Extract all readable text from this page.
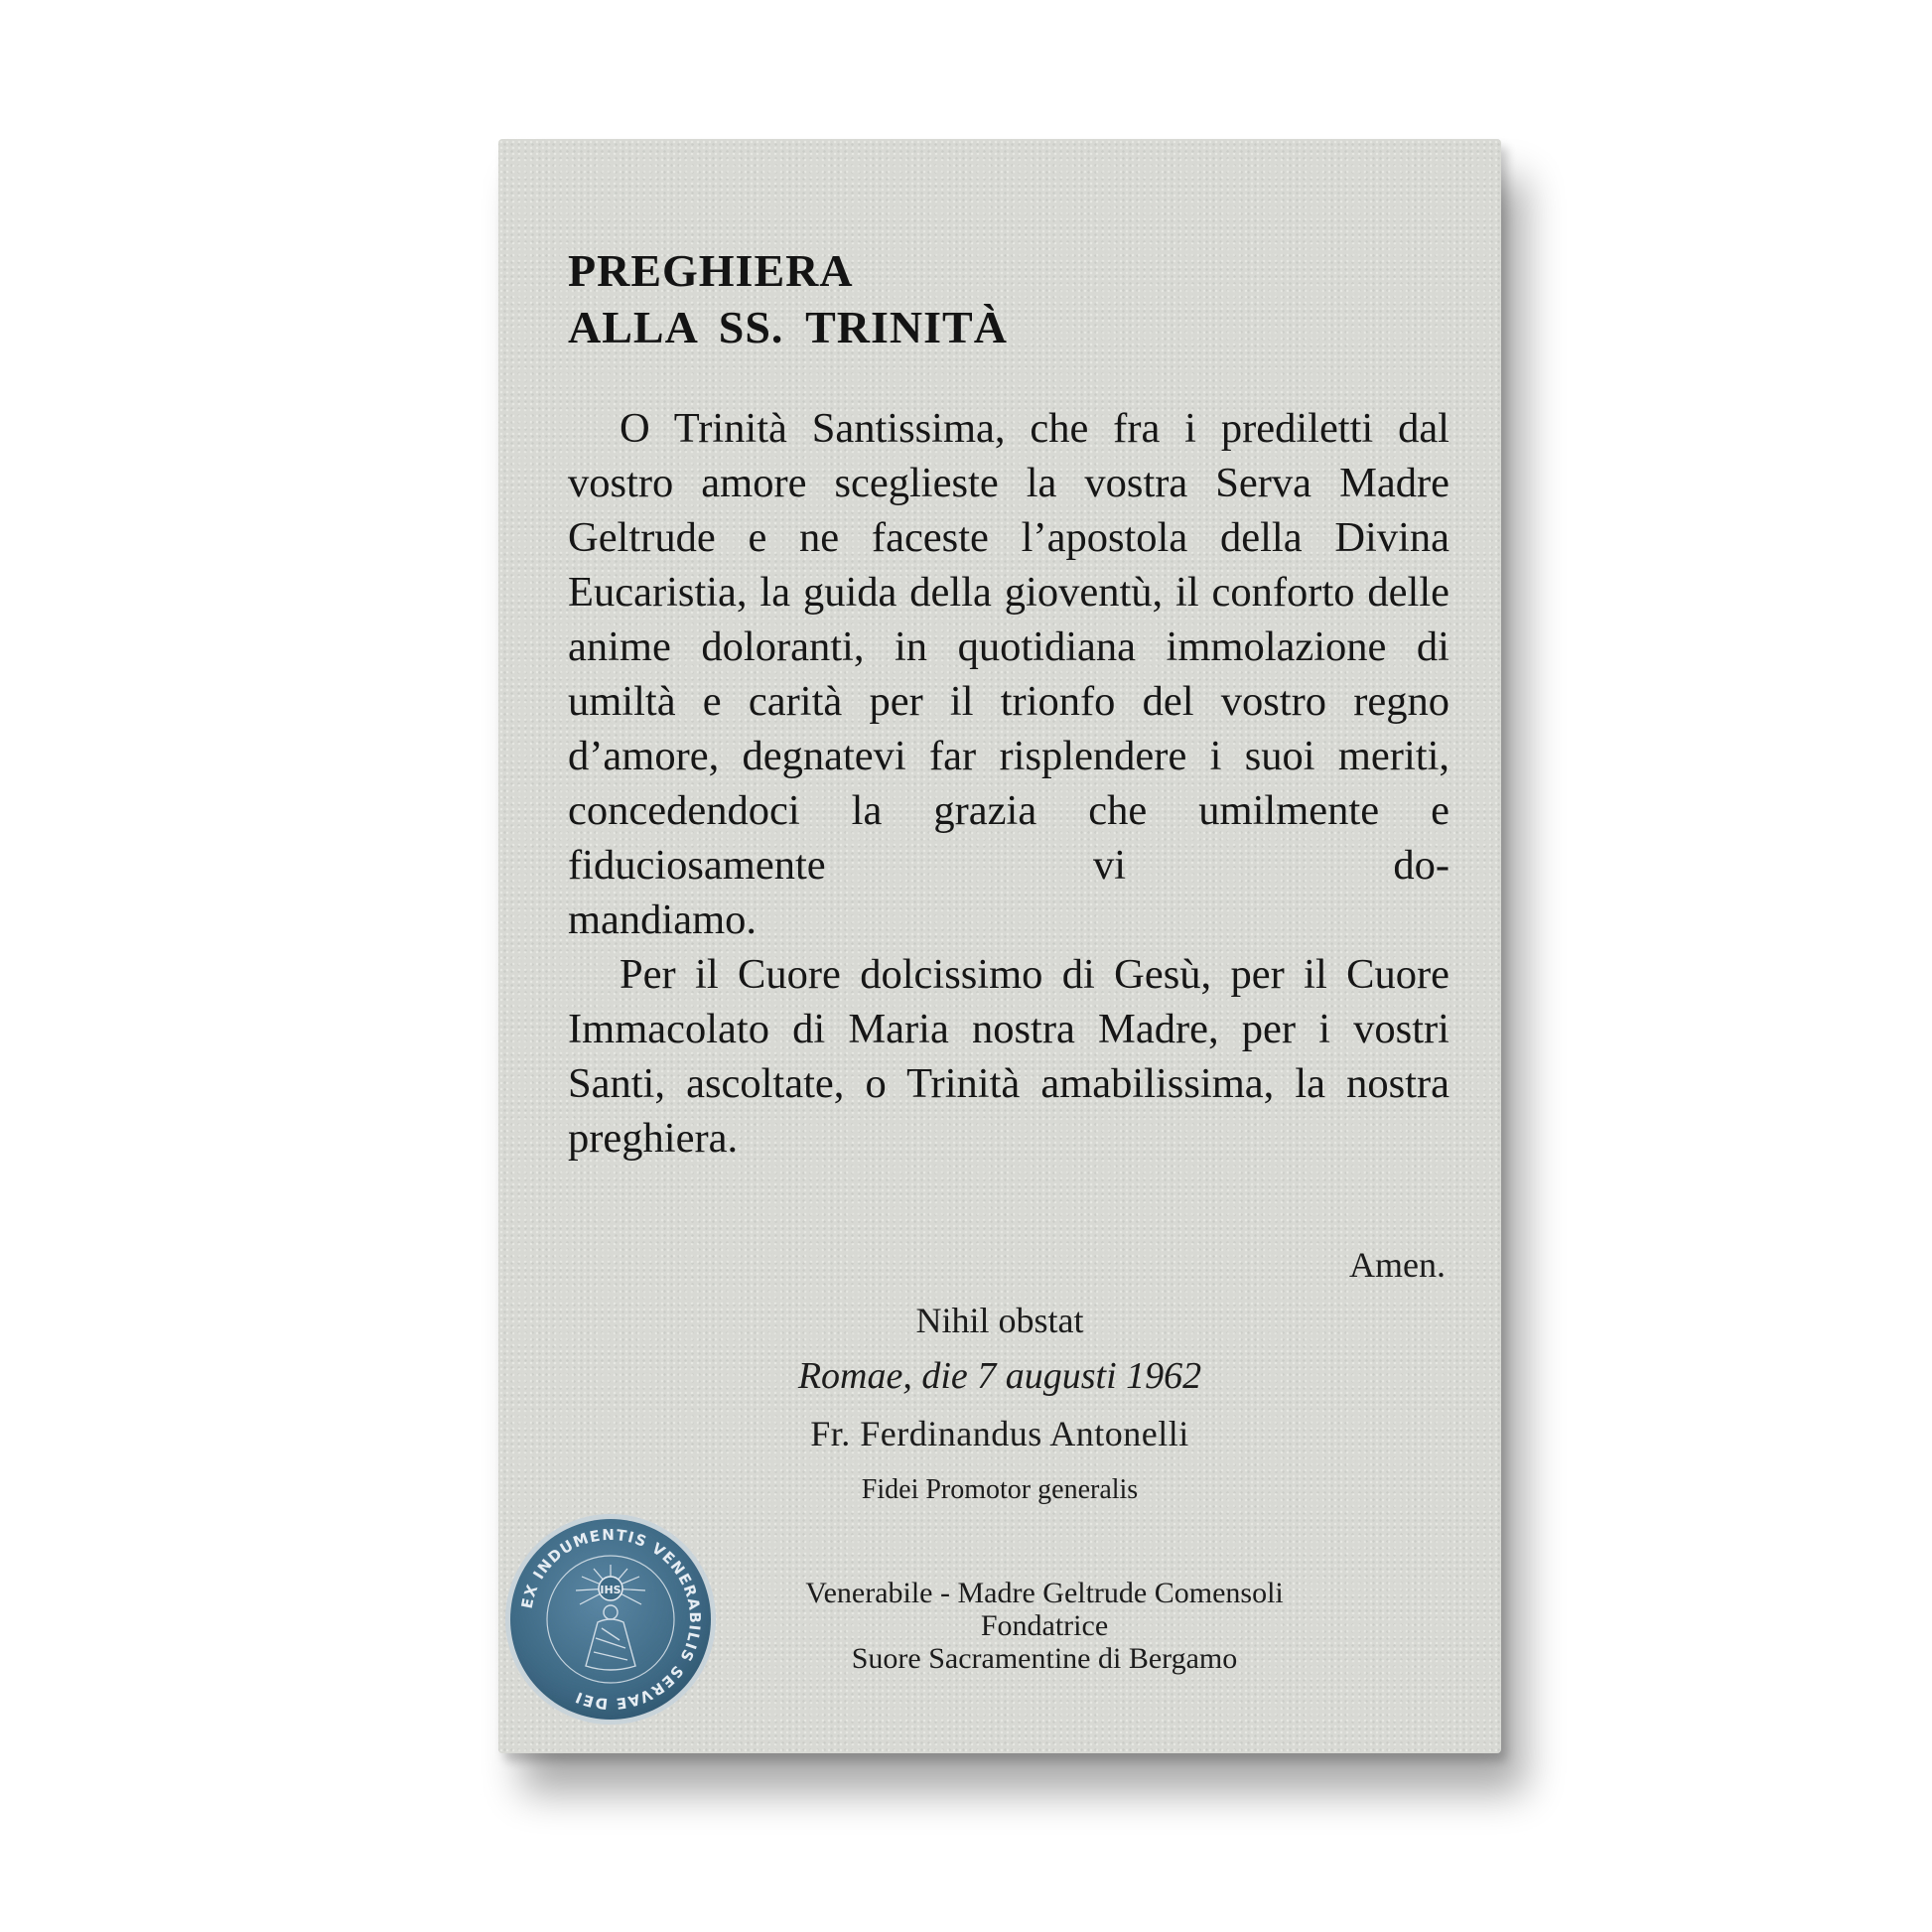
PREGHIERA
ALLA SS. TRINITÀ

O Trinità Santissima, che fra i prediletti dal vostro amore sceglieste la vostra Serva Madre Geltrude e ne faceste l’apostola della Divina Eucaristia, la guida della gioventù, il conforto delle anime doloranti, in quotidiana immolazione di umiltà e carità per il trionfo del vostro regno d’amore, degnatevi far risplendere i suoi meriti, concedendoci la grazia che umilmente e fiduciosamente vi do-

mandiamo.

Per il Cuore dolcissimo di Gesù, per il Cuore Immacolato di Maria nostra Madre, per i vostri Santi, ascoltate, o Trinità amabilissima, la nostra preghiera.

Amen.
Nihil obstat
Romae, die 7 augusti 1962
Fr. Ferdinandus Antonelli
Fidei Promotor generalis
EX INDUMENTIS VENERABILIS SERVAE DEI
IHS	Venerabile - Madre Geltrude Comensoli
Fondatrice
Suore Sacramentine di Bergamo
